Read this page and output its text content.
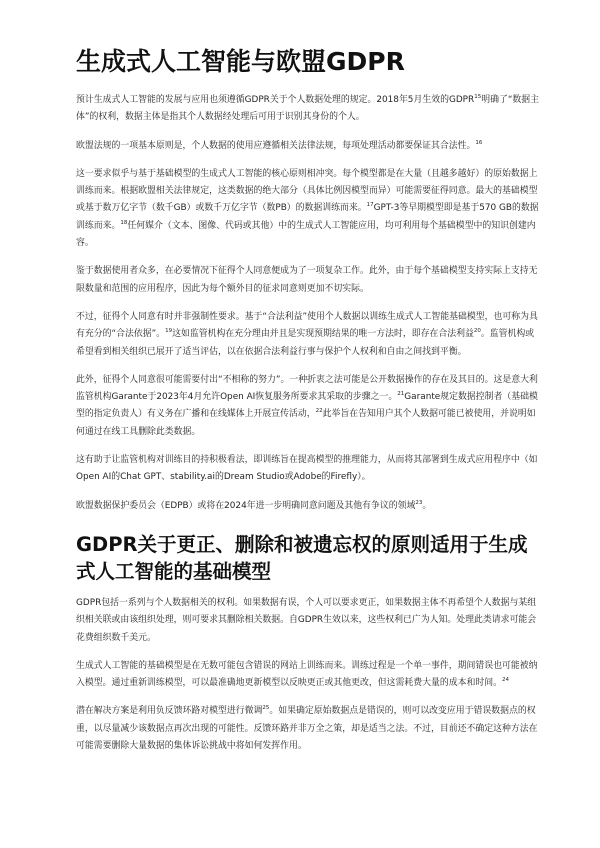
生成式人工智能与欧盟GDPR

预计生成式人工智能的发展与应用也须遵循GDPR关于个人数据处理的规定。2018年5月生效的GDPR$^{15}$明确了“数据主体”的权利，数据主体是指其个人数据经处理后可用于识别其身份的个人。

欧盟法规的一项基本原则是，个人数据的使用应遵循相关法律法规，每项处理活动都要保证其合法性。$^{16}$

这一要求似乎与基于基础模型的生成式人工智能的核心原则相冲突。每个模型都是在大量（且越多越好）的原始数据上训练而来。根据欧盟相关法律规定，这类数据的绝大部分（具体比例因模型而异）可能需要征得同意。最大的基础模型或基于数万亿字节（数千GB）或数千万亿字节（数PB）的数据训练而来。$^{17}$GPT-3等早期模型即是基于570 GB的数据训练而来。$^{18}$任何媒介（文本、图像、代码或其他）中的生成式人工智能应用，均可利用每个基础模型中的知识创建内容。

鉴于数据使用者众多，在必要情况下征得个人同意便成为了一项复杂工作。此外，由于每个基础模型支持实际上支持无限数量和范围的应用程序，因此为每个额外目的征求同意则更加不切实际。

不过，征得个人同意有时并非强制性要求。基于“合法利益”使用个人数据以训练生成式人工智能基础模型，也可称为具有充分的“合法依据”。$^{19}$这如监管机构在充分理由并且是实现预期结果的唯一方法时，即存在合法利益$^{20}$。监管机构或希望看到相关组织已展开了适当评估，以在依据合法利益行事与保护个人权利和自由之间找到平衡。

此外，征得个人同意很可能需要付出“不相称的努力”。一种折衷之法可能是公开数据操作的存在及其目的。这是意大利监管机构Garante于2023年4月允许Open AI恢复服务所要求其采取的步骤之一。$^{21}$Garante规定数据控制者（基础模型的指定负责人）有义务在广播和在线媒体上开展宣传活动，$^{22}$此举旨在告知用户其个人数据可能已被使用，并说明如何通过在线工具删除此类数据。

这有助于让监管机构对训练目的持积极看法，即训练旨在提高模型的推理能力，从而将其部署到生成式应用程序中（如Open AI的Chat GPT、stability.ai的Dream Studio或Adobe的Firefly）。

欧盟数据保护委员会（EDPB）或将在2024年进一步明确同意问题及其他有争议的领域$^{23}$。

GDPR关于更正、删除和被遗忘权的原则适用于生成式人工智能的基础模型

GDPR包括一系列与个人数据相关的权利。如果数据有误，个人可以要求更正，如果数据主体不再希望个人数据与某组织相关联或由该组织处理，则可要求其删除相关数据。自GDPR生效以来，这些权利已广为人知。处理此类请求可能会花费组织数千美元。

生成式人工智能的基础模型是在无数可能包含错误的网站上训练而来。训练过程是一个单一事件，期间错误也可能被纳入模型。通过重新训练模型，可以最准确地更新模型以反映更正或其他更改，但这需耗费大量的成本和时间。$^{24}$

潜在解决方案是利用负反馈环路对模型进行微调$^{25}$。如果确定原始数据点是错误的，则可以改变应用于错误数据点的权重，以尽量减少该数据点再次出现的可能性。反馈环路并非万全之策，却是适当之法。不过，目前还不确定这种方法在可能需要删除大量数据的集体诉讼挑战中将如何发挥作用。
